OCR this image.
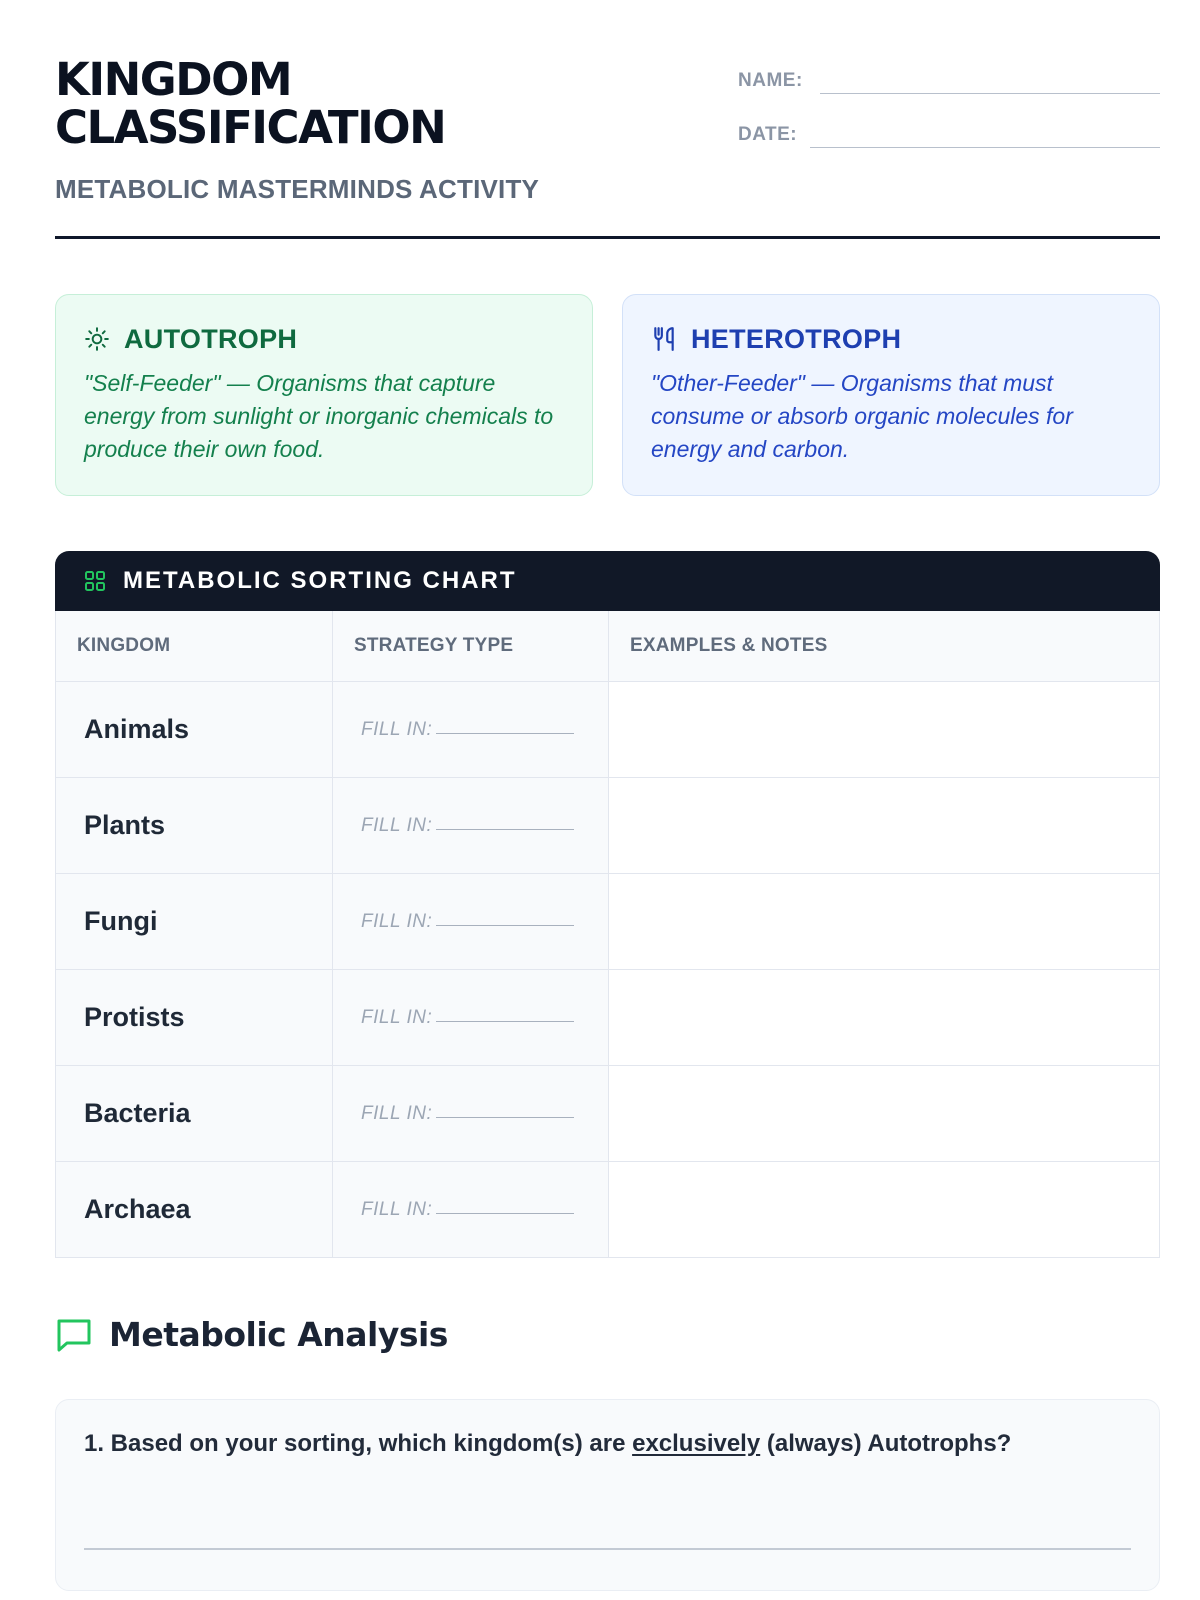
KINGDOM
CLASSIFICATION
METABOLIC MASTERMINDS ACTIVITY
NAME:
DATE:
AUTOTROPH

"Self-Feeder" — Organisms that capture energy from sunlight or inorganic chemicals to produce their own food.

HETEROTROPH

"Other-Feeder" — Organisms that must consume or absorb organic molecules for energy and carbon.

METABOLIC SORTING CHART
KINGDOM	STRATEGY TYPE	EXAMPLES & NOTES
Animals	FILL IN:
Plants	FILL IN:
Fungi	FILL IN:
Protists	FILL IN:
Bacteria	FILL IN:
Archaea	FILL IN:
Metabolic Analysis

1. Based on your sorting, which kingdom(s) are exclusively (always) Autotrophs?
